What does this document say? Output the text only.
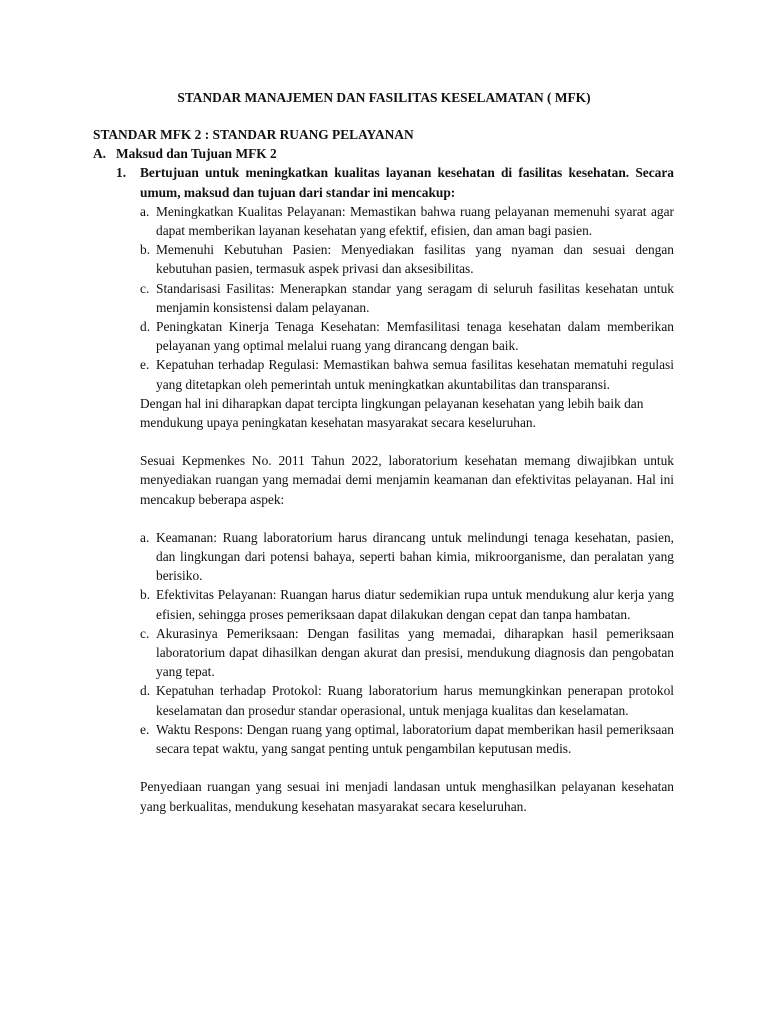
STANDAR MANAJEMEN DAN FASILITAS KESELAMATAN ( MFK)
STANDAR MFK 2 : STANDAR RUANG PELAYANAN
A. Maksud dan Tujuan MFK 2
1. Bertujuan untuk meningkatkan kualitas layanan kesehatan di fasilitas kesehatan. Secara umum, maksud dan tujuan dari standar ini mencakup:
a. Meningkatkan Kualitas Pelayanan: Memastikan bahwa ruang pelayanan memenuhi syarat agar dapat memberikan layanan kesehatan yang efektif, efisien, dan aman bagi pasien.
b. Memenuhi Kebutuhan Pasien: Menyediakan fasilitas yang nyaman dan sesuai dengan kebutuhan pasien, termasuk aspek privasi dan aksesibilitas.
c. Standarisasi Fasilitas: Menerapkan standar yang seragam di seluruh fasilitas kesehatan untuk menjamin konsistensi dalam pelayanan.
d. Peningkatan Kinerja Tenaga Kesehatan: Memfasilitasi tenaga kesehatan dalam memberikan pelayanan yang optimal melalui ruang yang dirancang dengan baik.
e. Kepatuhan terhadap Regulasi: Memastikan bahwa semua fasilitas kesehatan mematuhi regulasi yang ditetapkan oleh pemerintah untuk meningkatkan akuntabilitas dan transparansi.
Dengan hal ini diharapkan dapat tercipta lingkungan pelayanan kesehatan yang lebih baik dan mendukung upaya peningkatan kesehatan masyarakat secara keseluruhan.
Sesuai Kepmenkes No. 2011 Tahun 2022, laboratorium kesehatan memang diwajibkan untuk menyediakan ruangan yang memadai demi menjamin keamanan dan efektivitas pelayanan. Hal ini mencakup beberapa aspek:
a. Keamanan: Ruang laboratorium harus dirancang untuk melindungi tenaga kesehatan, pasien, dan lingkungan dari potensi bahaya, seperti bahan kimia, mikroorganisme, dan peralatan yang berisiko.
b. Efektivitas Pelayanan: Ruangan harus diatur sedemikian rupa untuk mendukung alur kerja yang efisien, sehingga proses pemeriksaan dapat dilakukan dengan cepat dan tanpa hambatan.
c. Akurasinya Pemeriksaan: Dengan fasilitas yang memadai, diharapkan hasil pemeriksaan laboratorium dapat dihasilkan dengan akurat dan presisi, mendukung diagnosis dan pengobatan yang tepat.
d. Kepatuhan terhadap Protokol: Ruang laboratorium harus memungkinkan penerapan protokol keselamatan dan prosedur standar operasional, untuk menjaga kualitas dan keselamatan.
e. Waktu Respons: Dengan ruang yang optimal, laboratorium dapat memberikan hasil pemeriksaan secara tepat waktu, yang sangat penting untuk pengambilan keputusan medis.
Penyediaan ruangan yang sesuai ini menjadi landasan untuk menghasilkan pelayanan kesehatan yang berkualitas, mendukung kesehatan masyarakat secara keseluruhan.
